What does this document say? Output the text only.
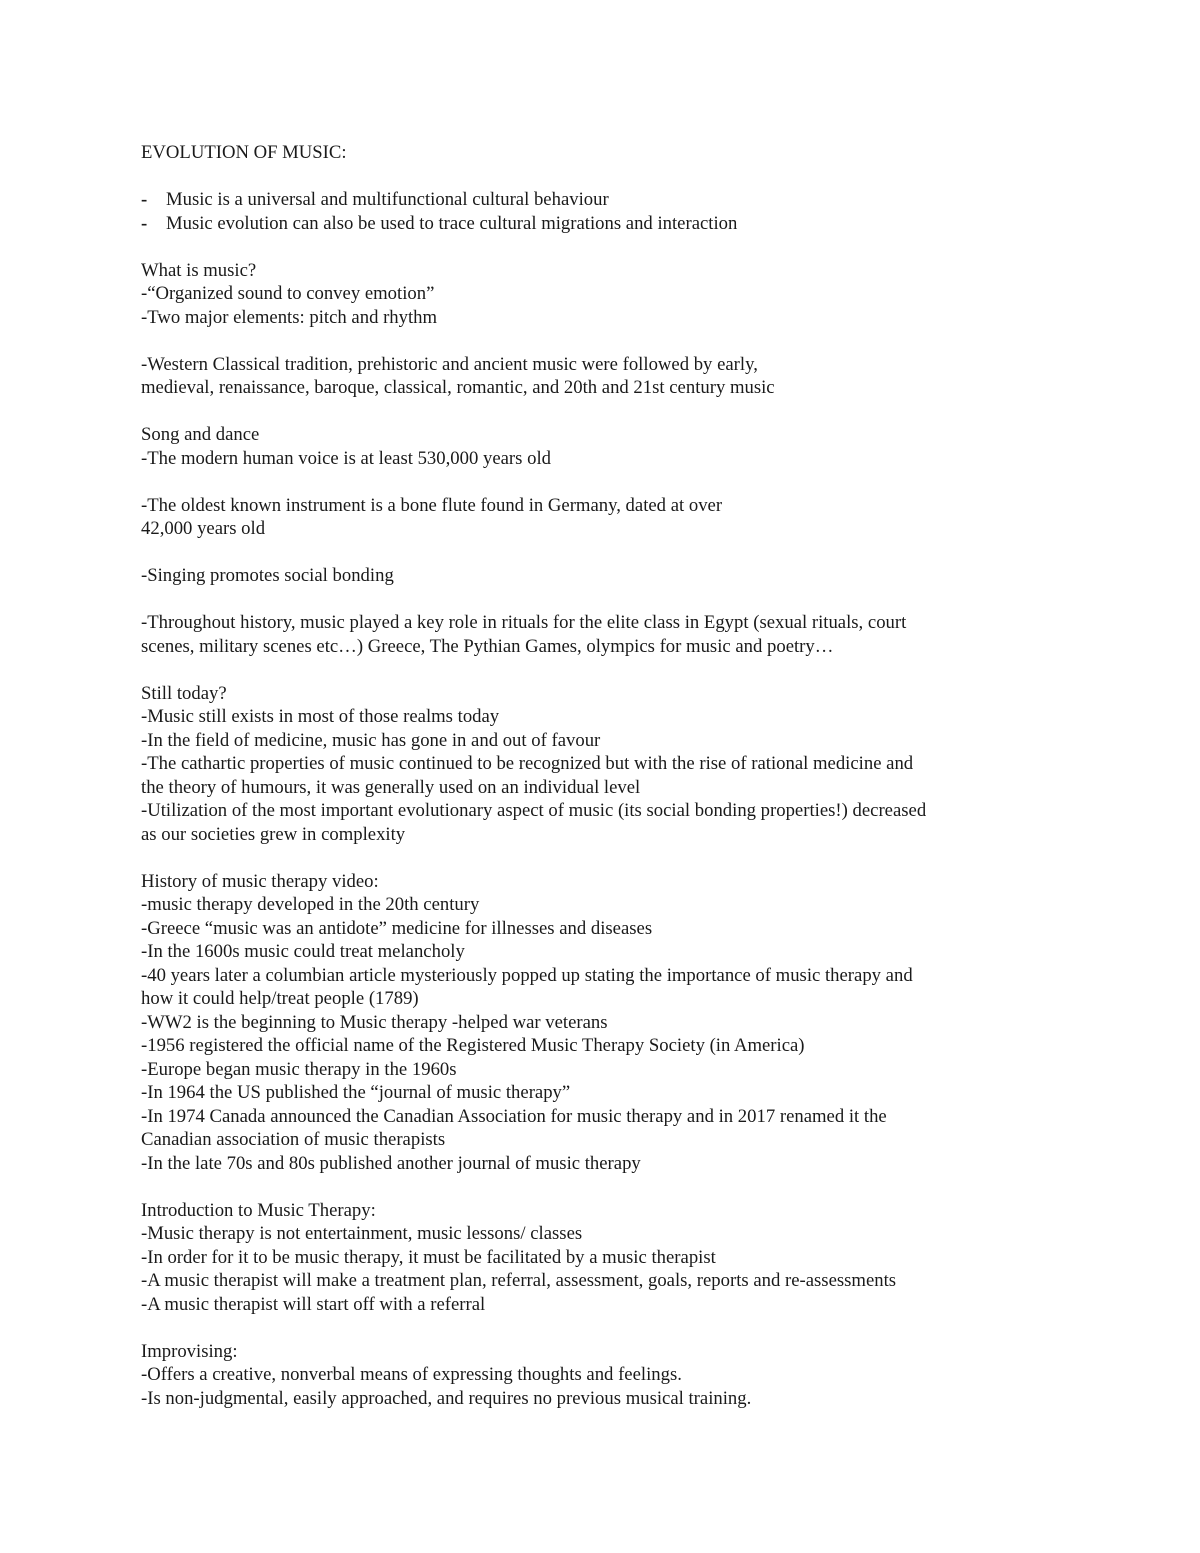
EVOLUTION OF MUSIC:
- Music is a universal and multifunctional cultural behaviour
- Music evolution can also be used to trace cultural migrations and interaction
What is music?
-“Organized sound to convey emotion”
-Two major elements: pitch and rhythm
-Western Classical tradition, prehistoric and ancient music were followed by early,
medieval, renaissance, baroque, classical, romantic, and 20th and 21st century music
Song and dance
-The modern human voice is at least 530,000 years old
-The oldest known instrument is a bone flute found in Germany, dated at over
42,000 years old
-Singing promotes social bonding
-Throughout history, music played a key role in rituals for the elite class in Egypt (sexual rituals, court
scenes, military scenes etc…) Greece, The Pythian Games, olympics for music and poetry…
Still today?
-Music still exists in most of those realms today
-In the field of medicine, music has gone in and out of favour
-The cathartic properties of music continued to be recognized but with the rise of rational medicine and
the theory of humours, it was generally used on an individual level
-Utilization of the most important evolutionary aspect of music (its social bonding properties!) decreased
as our societies grew in complexity
History of music therapy video:
-music therapy developed in the 20th century
-Greece “music was an antidote” medicine for illnesses and diseases
-In the 1600s music could treat melancholy
-40 years later a columbian article mysteriously popped up stating the importance of music therapy and
how it could help/treat people (1789)
-WW2 is the beginning to Music therapy -helped war veterans
-1956 registered the official name of the Registered Music Therapy Society (in America)
-Europe began music therapy in the 1960s
-In 1964 the US published the “journal of music therapy”
-In 1974 Canada announced the Canadian Association for music therapy and in 2017 renamed it the
Canadian association of music therapists
-In the late 70s and 80s published another journal of music therapy
Introduction to Music Therapy:
-Music therapy is not entertainment, music lessons/ classes
-In order for it to be music therapy, it must be facilitated by a music therapist
-A music therapist will make a treatment plan, referral, assessment, goals, reports and re-assessments
-A music therapist will start off with a referral
Improvising:
-Offers a creative, nonverbal means of expressing thoughts and feelings.
-Is non-judgmental, easily approached, and requires no previous musical training.
